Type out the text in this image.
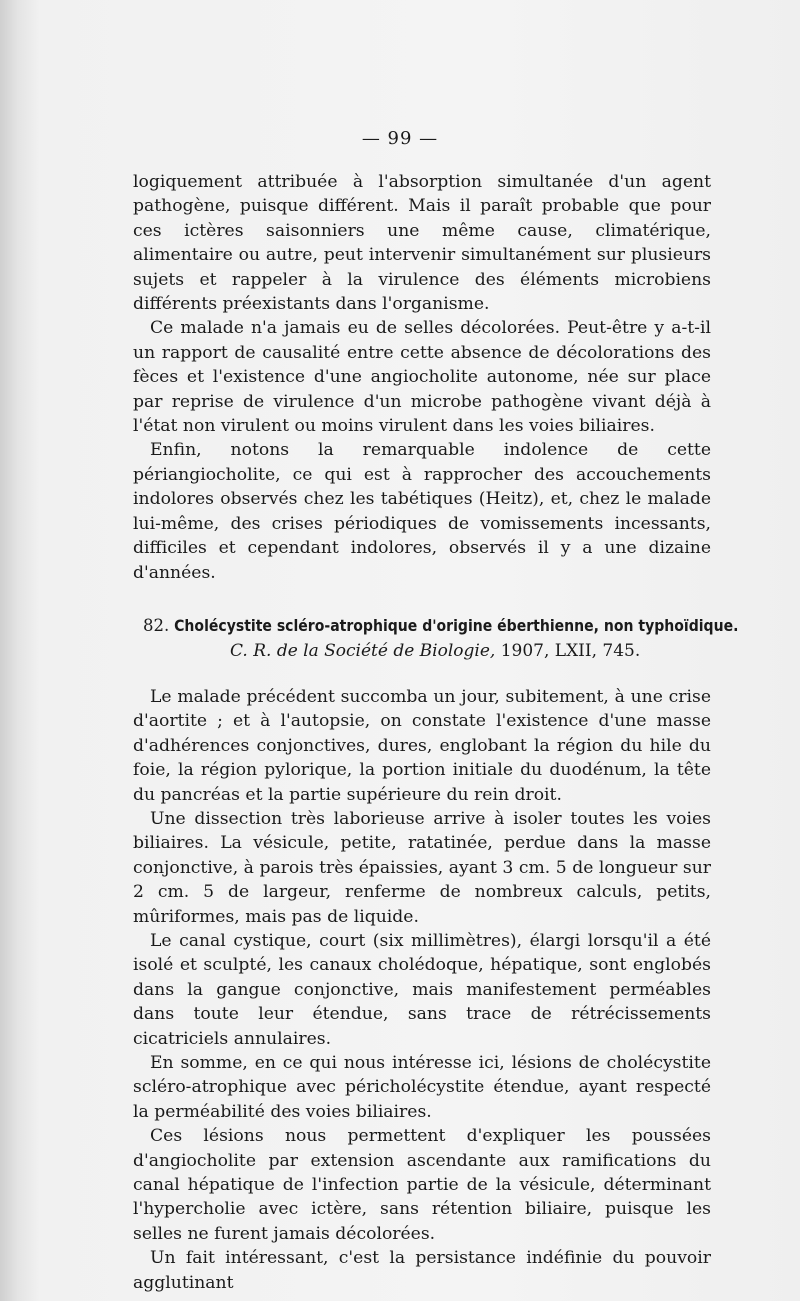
— 99 —

logiquement attribuée à l'absorption simultanée d'un agent pathogène, puisque différent. Mais il paraît probable que pour ces ictères saisonniers une même cause, climatérique, alimentaire ou autre, peut intervenir simultanément sur plusieurs sujets et rappeler à la virulence des éléments microbiens différents préexistants dans l'organisme.

Ce malade n'a jamais eu de selles décolorées. Peut-être y a-t-il un rapport de causalité entre cette absence de décolorations des fèces et l'existence d'une angiocholite autonome, née sur place par reprise de virulence d'un microbe pathogène vivant déjà à l'état non virulent ou moins virulent dans les voies biliaires.

Enfin, notons la remarquable indolence de cette périangiocholite, ce qui est à rapprocher des accouchements indolores observés chez les tabétiques (Heitz), et, chez le malade lui-même, des crises périodiques de vomissements incessants, difficiles et cependant indolores, observés il y a une dizaine d'années.

82. Cholécystite scléro-atrophique d'origine éberthienne, non typhoïdique.
C. R. de la Société de Biologie, 1907, LXII, 745.

Le malade précédent succomba un jour, subitement, à une crise d'aortite ; et à l'autopsie, on constate l'existence d'une masse d'adhérences conjonctives, dures, englobant la région du hile du foie, la région pylorique, la portion initiale du duodénum, la tête du pancréas et la partie supérieure du rein droit.

Une dissection très laborieuse arrive à isoler toutes les voies biliaires. La vésicule, petite, ratatinée, perdue dans la masse conjonctive, à parois très épaissies, ayant 3 cm. 5 de longueur sur 2 cm. 5 de largeur, renferme de nombreux calculs, petits, mûriformes, mais pas de liquide.

Le canal cystique, court (six millimètres), élargi lorsqu'il a été isolé et sculpté, les canaux cholédoque, hépatique, sont englobés dans la gangue conjonctive, mais manifestement perméables dans toute leur étendue, sans trace de rétrécissements cicatriciels annulaires.

En somme, en ce qui nous intéresse ici, lésions de cholécystite scléro-atrophique avec péricholécystite étendue, ayant respecté la perméabilité des voies biliaires.

Ces lésions nous permettent d'expliquer les poussées d'angiocholite par extension ascendante aux ramifications du canal hépatique de l'infection partie de la vésicule, déterminant l'hypercholie avec ictère, sans rétention biliaire, puisque les selles ne furent jamais décolorées.

Un fait intéressant, c'est la persistance indéfinie du pouvoir agglutinant
